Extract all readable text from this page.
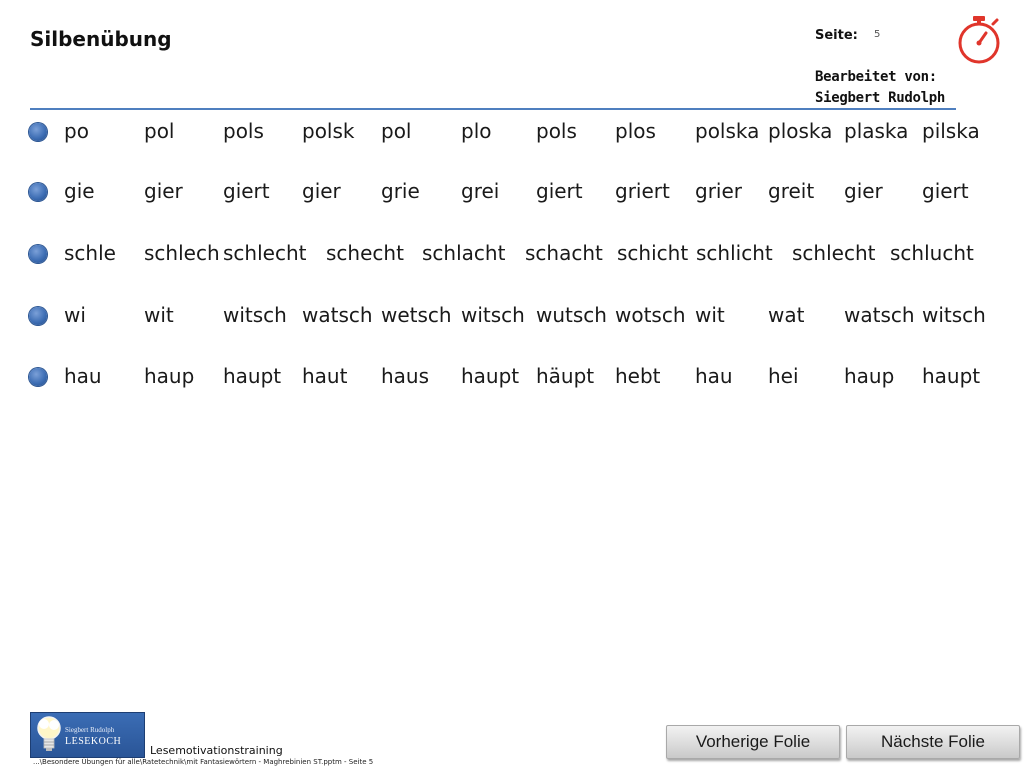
Silbenübung	Seite: 5
Bearbeitet von:
Siegbert Rudolph
po	pol pols polsk pol plo pols plos polska ploska plaska pilska
gie gier giert gier grie grei giert griert grier greit gier giert
schle schlech schlecht schecht schlacht schacht schicht schlicht schlecht schlucht
wi	wit witsch watsch wetsch witsch wutsch wotsch wit wat watsch witsch
hau haup haupt haut haus haupt häupt hebt hau hei haup haupt
Siegbert Rudolph
LESEKOCH
Lesemotivationstraining
...\Besondere Übungen für alle\Ratetechnik\mit Fantasiewörtern - Maghrebinien ST.pptm - Seite 5
Vorherige Folie	Nächste Folie
